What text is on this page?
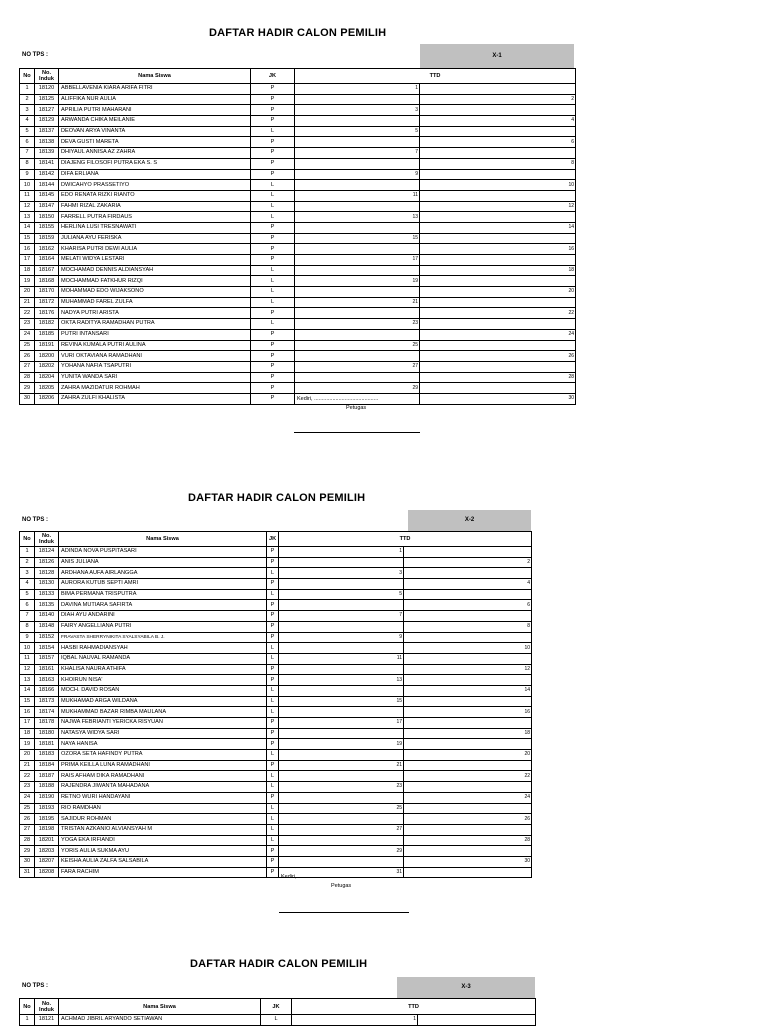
DAFTAR HADIR CALON PEMILIH
NO TPS :	X-1
No	No. Induk	Nama Siswa	JK	TTD	
1	18120	ABBELLAVENIA KIARA ARIFA FITRI	P	1	

2	18125	ALIFFIKA NUR AULIA	P		2

3	18127	APRILIA PUTRI MAHARANI	P	3	

4	18129	ARWANDA CHIKA MEILANIE	P		4

5	18137	DEOVAN ARYA VINANTA	L	5	

6	18138	DEVA GUSTI MARETA	P		6

7	18139	DHIYAUL ANNISA AZ ZAHRA	P	7	

8	18141	DIAJENG FILOSOFI PUTRA EKA S. S	P		8

9	18142	DIFA ERLIANA	P	9	

10	18144	DWICAHYO PRASSETIYO	L		10

11	18145	EDO RENATA RIZKI RIANTO	L	11	

12	18147	FAHMI RIZAL ZAKARIA	L		12

13	18150	FARRELL PUTRA FIRDAUS	L	13	

14	18155	HERLINA LUSI TRESNAWATI	P		14

15	18159	JULIANA AYU FERISKA	P	15	

16	18162	KHARISA PUTRI DEWI AULIA	P		16

17	18164	MELATI WIDYA LESTARI	P	17	

18	18167	MOCHAMAD DENNIS ALDIANSYAH	L		18

19	18168	MOCHAMMAD FATKHUR RIZQI	L	19	

20	18170	MOHAMMAD EDO WIJAKSONO	L		20

21	18172	MUHAMMAD FAREL ZULFA	L	21	

22	18176	NADYA PUTRI ARISTA	P		22

23	18182	OKTA RADITYA RAMADHAN PUTRA	L	23	

24	18185	PUTRI INTANSARI	P		24

25	18191	REVINA KUMALA PUTRI AULINA	P	25	

26	18200	VURI OKTAVIANA RAMADHANI	P		26

27	18202	YOHANA NAFIA TSAPUTRI	P	27	

28	18204	YUNITA WANDA SARI	P		28

29	18205	ZAHRA MAZIDATUR ROHMAH	P	29	

30	18206	ZAHRA ZULFI KHALISTA	P		30
Kediri, ..........................................
Petugas
DAFTAR HADIR CALON PEMILIH
NO TPS :	X-2
No	No. Induk	Nama Siswa	JK	TTD	
1	18124	ADINDA NOVA PUSPITASARI	P	1	

2	18126	ANIS JULIANA	P		2

3	18128	ARDHANA AUFA AIRLANGGA	L	3	

4	18130	AURORA KUTUB SEPTI AMRI	P		4

5	18133	BIMA PERMANA TRISPUTRA	L	5	

6	18135	DAVINA MUTIARA SAFIRTA	P		6

7	18140	DIAH AYU ANDARINI	P	7	

8	18148	FAIRY ANGELLIANA PUTRI	P		8

9	18152	FRAVASTA SHERRYNIKITA SYALSYABILA B. J.	P	9	

10	18154	HASBI RAHMADIANSYAH	L		10

11	18157	IQBAL NAUVAL RAMANDA	L	11	

12	18161	KHALISA NAURA ATHIFA	P		12

13	18163	KHOIRUN NISA'	P	13	

14	18166	MOCH. DAVID ROSAN	L		14

15	18173	MUKHAMAD ARGA WILDANA	L	15	

16	18174	MUKHAMMAD BAZAR RIMBA MAULANA	L		16

17	18178	NAJWA FEBRIANTI YERICKA RISYUAN	P	17	

18	18180	NATASYA WIDYA SARI	P		18

19	18181	NAYA HANISA	P	19	

20	18183	OZORA SETA HAFINDY PUTRA	L		20

21	18184	PRIMA KEILLA LUNA RAMADHANI	P	21	

22	18187	RAIS AFHAM DIKA RAMADHANI	L		22

23	18188	RAJENDRA JIWANTA MAHADANA	L	23	

24	18190	RETNO WURI HANDAYANI	P		24

25	18193	RIO RAMDHAN	L	25	

26	18195	SAJIDUR ROHMAN	L		26

27	18198	TRISTAN AZKANIO ALVIANSYAH M	L	27	

28	18201	YOGA EKA IRFIANDI	L		28

29	18203	YORIS AULIA SUKMA AYU	P	29	

30	18207	KEISHA AULIA ZALFA SALSABILA	P		30

31	18208	FARA RACHIM	P	31	

Kediri, ..........................................
Petugas
DAFTAR HADIR CALON PEMILIH
NO TPS :	X-3
No	No. Induk	Nama Siswa	JK	TTD	
1	18121	ACHMAD JIBRIL ARYANDO SETIAWAN	L	1	
